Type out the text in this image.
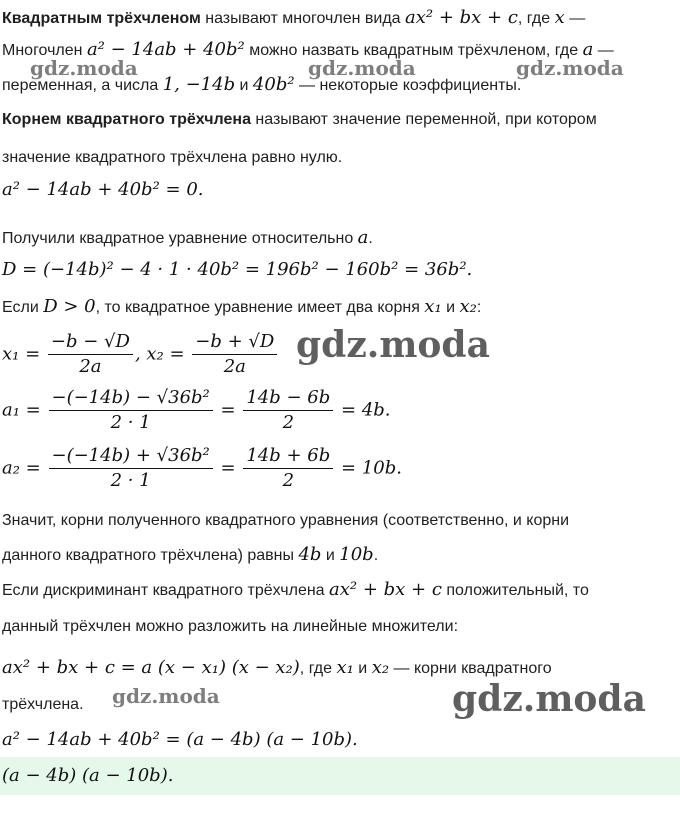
gdz.moda	gdz.moda	gdz.moda
gdz.moda
gdz.moda
gdz.moda
Квадратным трёхчленом называют многочлен вида ax² + bx + c, где x —
Многочлен a² − 14ab + 40b² можно назвать квадратным трёхчленом, где a —
переменная, а числа 1, −14b и 40b² — некоторые коэффициенты.
Корнем квадратного трёхчлена называют значение переменной, при котором
значение квадратного трёхчлена равно нулю.
a² − 14ab + 40b² = 0.
Получили квадратное уравнение относительно a.
D = (−14b)² − 4 · 1 · 40b² = 196b² − 160b² = 36b².
Если D > 0, то квадратное уравнение имеет два корня x₁ и x₂:
$x_1 = \frac{-b - √D}{2a}$ , $x_2 = \frac{-b + √D}{2a}$
$a_1 = \frac{\text{−(−14b) − √36b²}}{2 \cdot 1} = \frac{14b - 6b}{2} = 4b$.
$a_2 = \frac{\text{−(−14b) + √36b²}}{2 \cdot 1} = \frac{14b + 6b}{2} = 10b$.
Значит, корни полученного квадратного уравнения (соответственно, и корни
данного квадратного трёхчлена) равны 4b и 10b.
Если дискриминант квадратного трёхчлена ax² + bx + c положительный, то
данный трёхчлен можно разложить на линейные множители:
ax² + bx + c = a (x − x₁) (x − x₂), где x₁ и x₂ — корни квадратного
трёхчлена.
a² − 14ab + 40b² = (a − 4b) (a − 10b).
(a − 4b) (a − 10b).
